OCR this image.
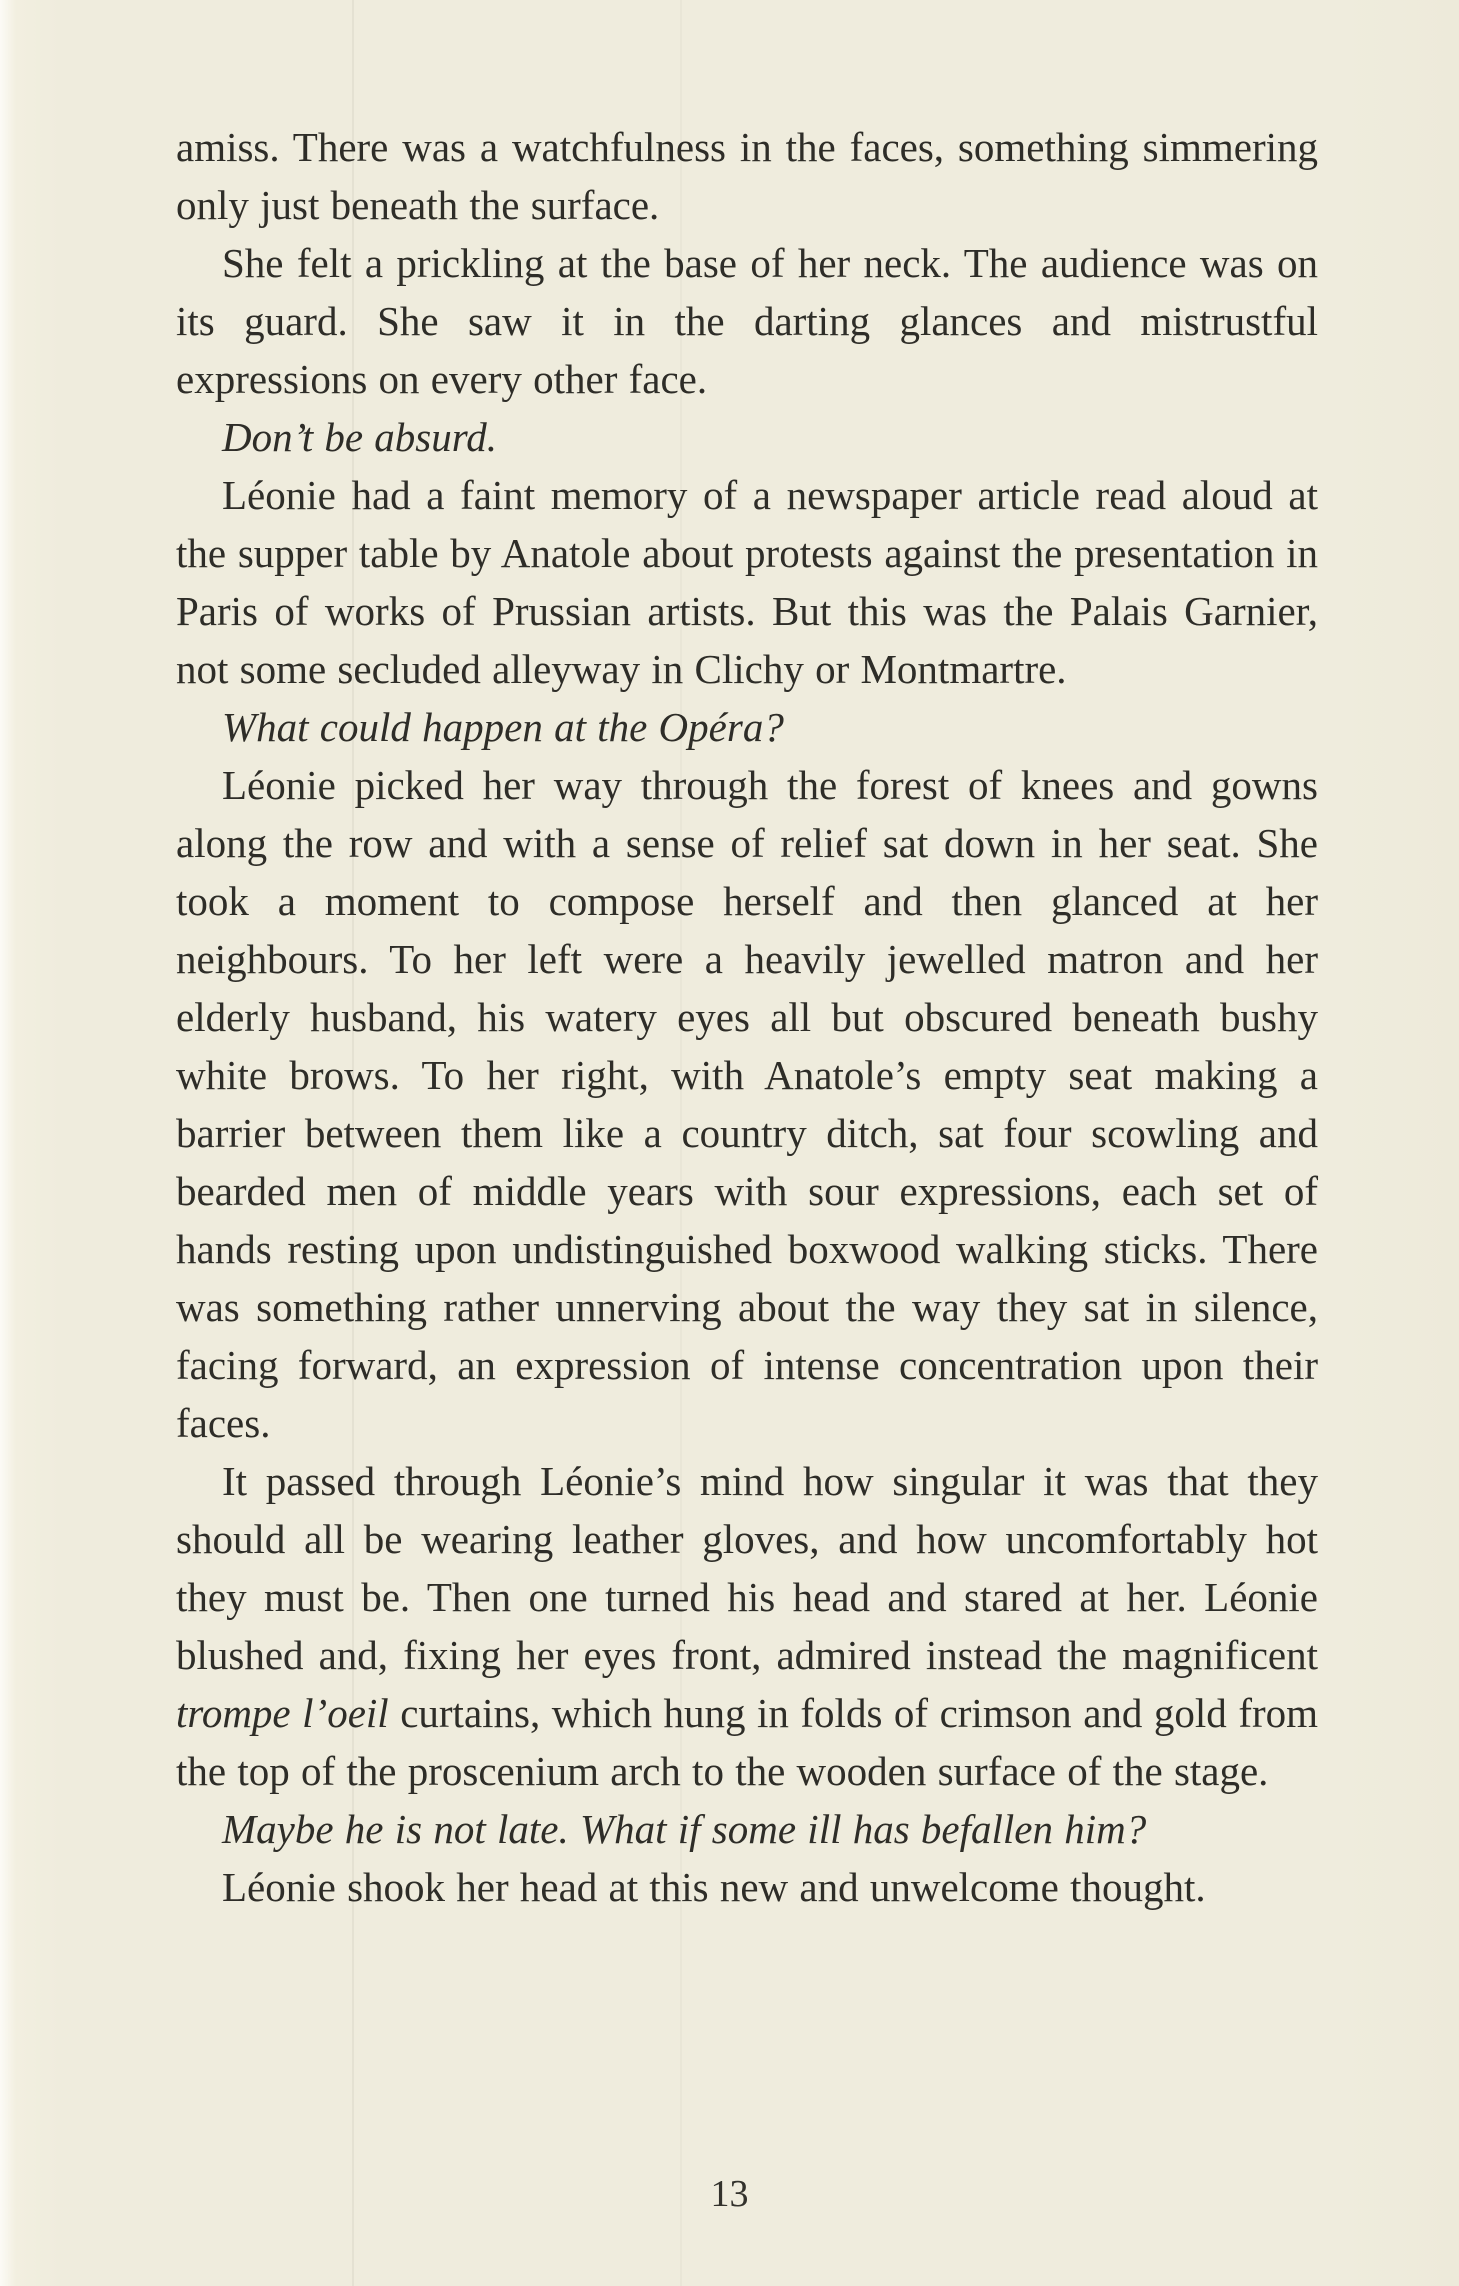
amiss. There was a watchfulness in the faces, something simmering only just beneath the surface.

She felt a prickling at the base of her neck. The audience was on its guard. She saw it in the darting glances and mistrustful expressions on every other face.

Don’t be absurd.

Léonie had a faint memory of a newspaper article read aloud at the supper table by Anatole about protests against the presentation in Paris of works of Prussian artists. But this was the Palais Garnier, not some secluded alleyway in Clichy or Montmartre.

What could happen at the Opéra?

Léonie picked her way through the forest of knees and gowns along the row and with a sense of relief sat down in her seat. She took a moment to compose herself and then glanced at her neighbours. To her left were a heavily jewelled matron and her elderly husband, his watery eyes all but obscured beneath bushy white brows. To her right, with Anatole’s empty seat making a barrier between them like a country ditch, sat four scowling and bearded men of middle years with sour expressions, each set of hands resting upon undistinguished boxwood walking sticks. There was something rather unnerving about the way they sat in silence, facing forward, an expression of intense concentration upon their faces.

It passed through Léonie’s mind how singular it was that they should all be wearing leather gloves, and how uncomfortably hot they must be. Then one turned his head and stared at her. Léonie blushed and, fixing her eyes front, admired instead the magnificent trompe l’oeil curtains, which hung in folds of crimson and gold from the top of the proscenium arch to the wooden surface of the stage.

Maybe he is not late. What if some ill has befallen him?

Léonie shook her head at this new and unwelcome thought.

13
